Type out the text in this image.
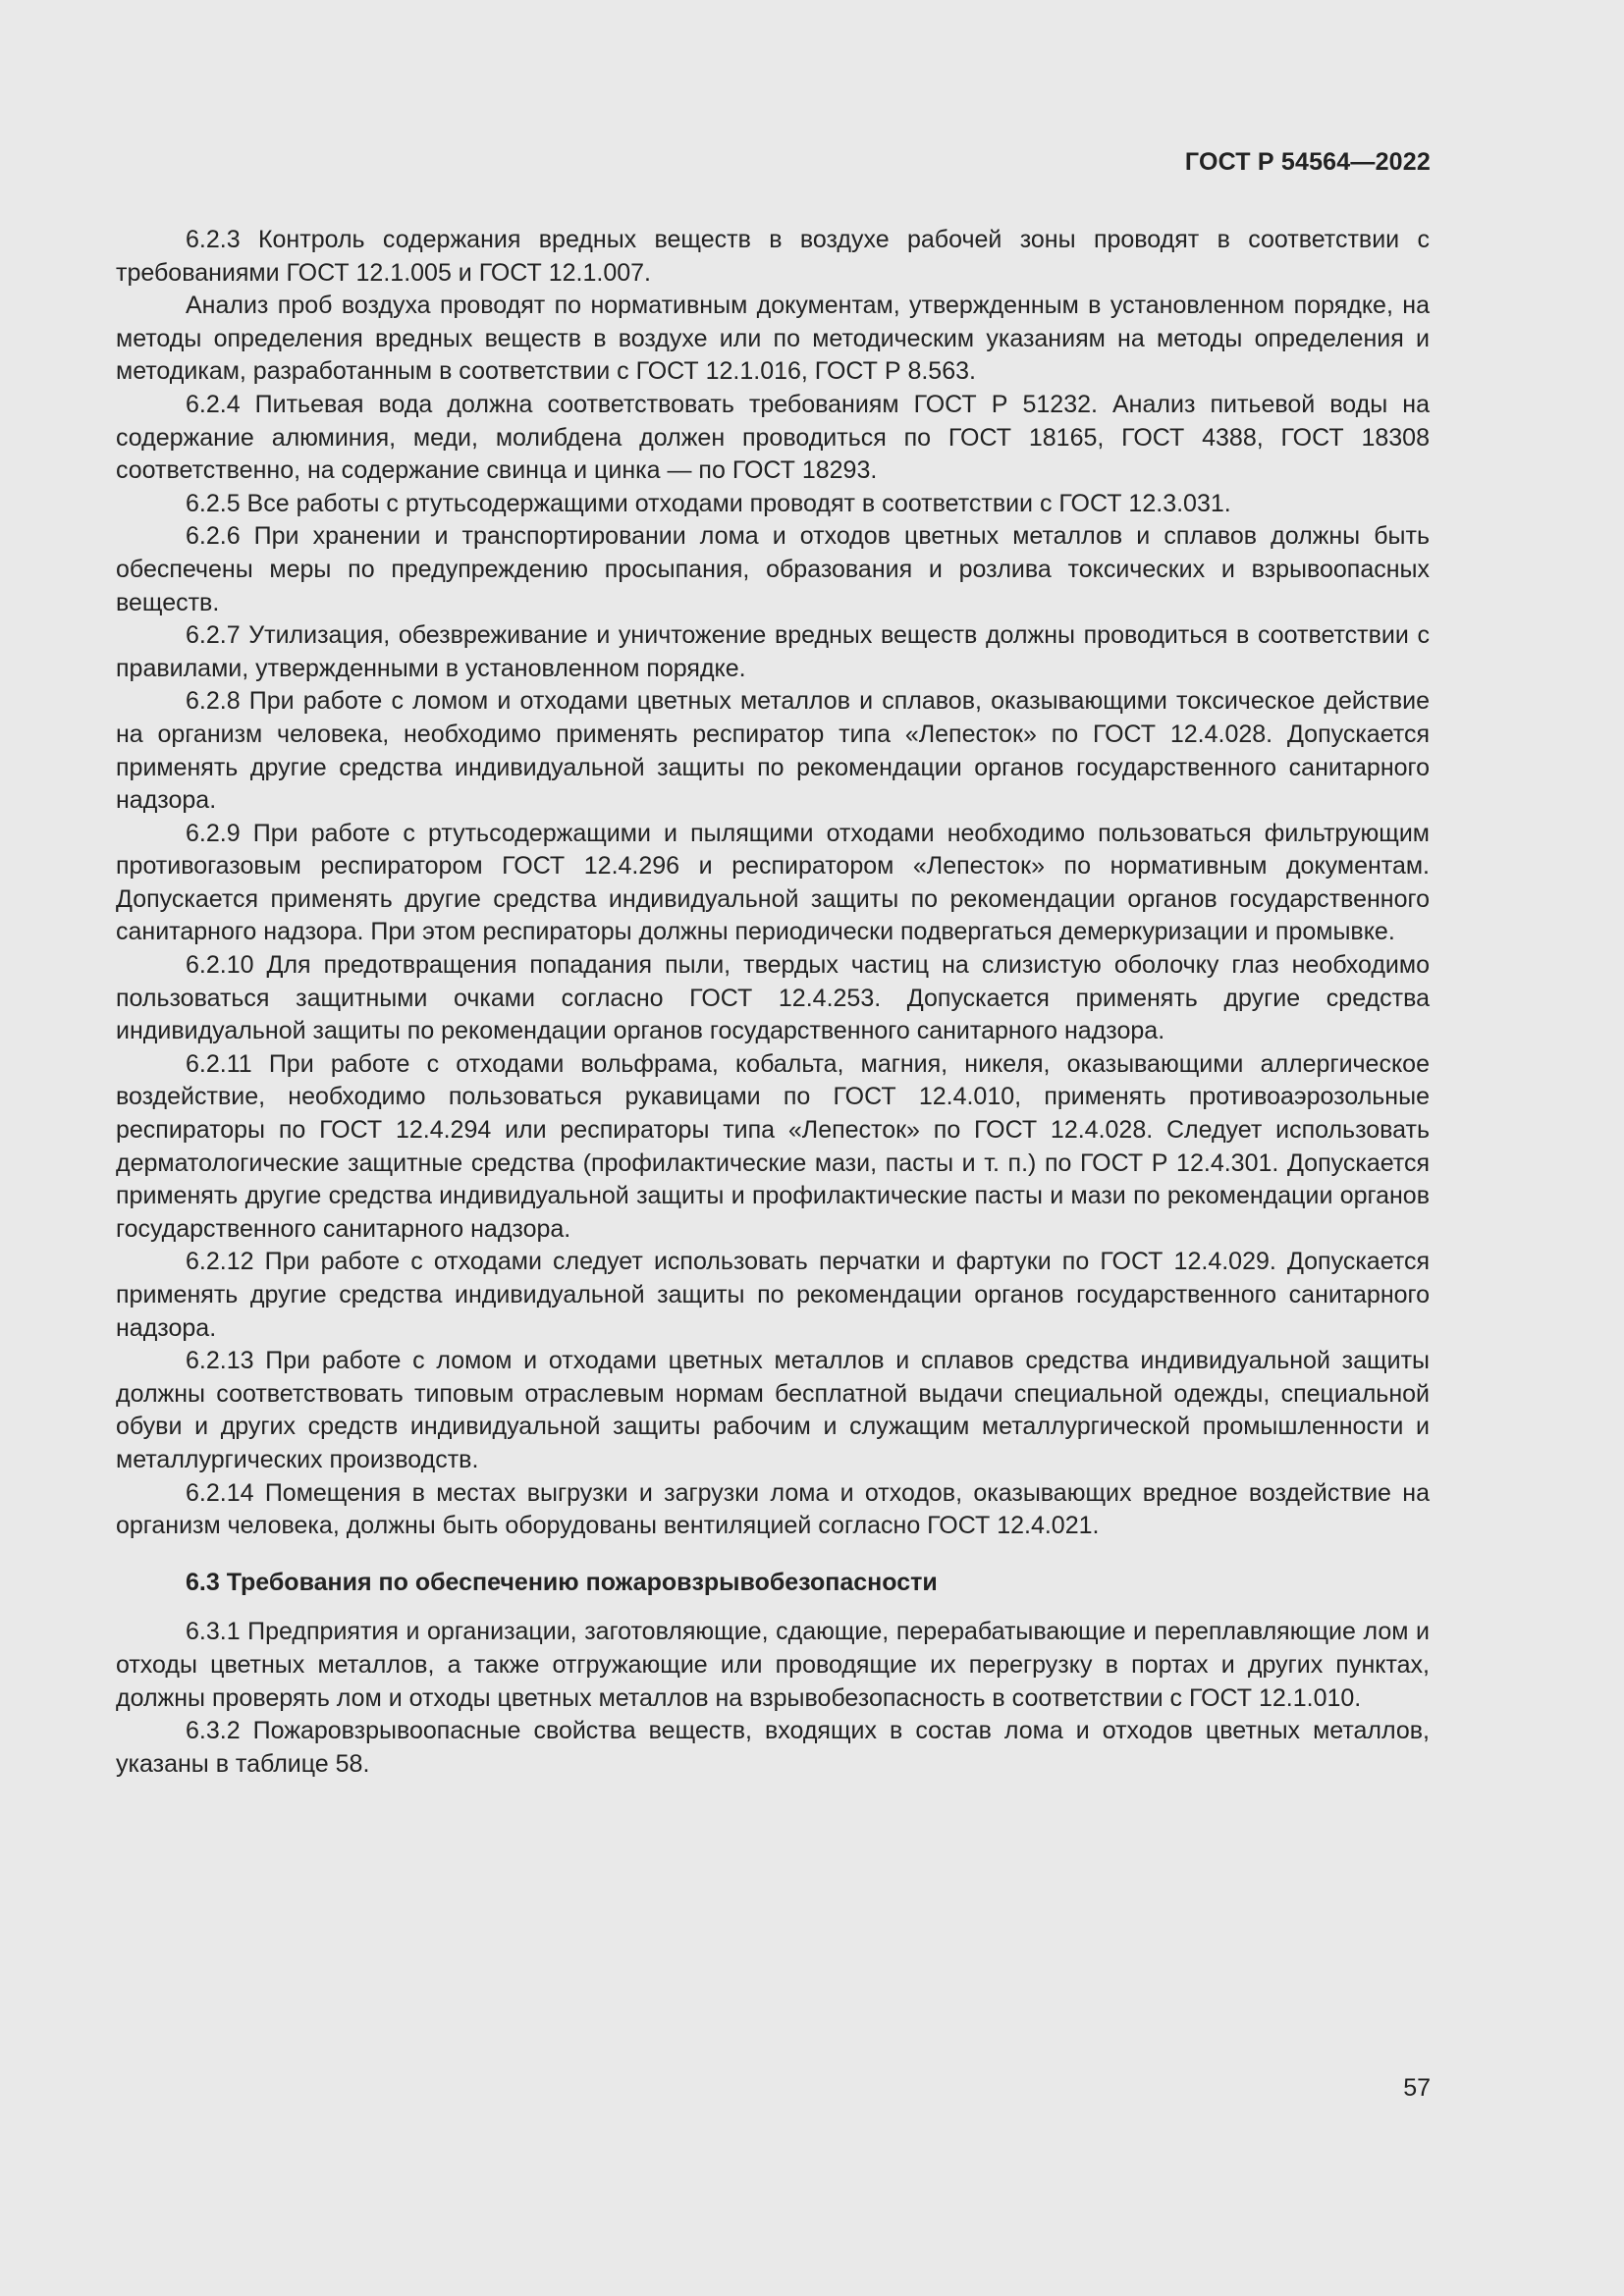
ГОСТ Р 54564—2022

6.2.3 Контроль содержания вредных веществ в воздухе рабочей зоны проводят в соответствии с требованиями ГОСТ 12.1.005 и ГОСТ 12.1.007.

Анализ проб воздуха проводят по нормативным документам, утвержденным в установленном порядке, на методы определения вредных веществ в воздухе или по методическим указаниям на методы определения и методикам, разработанным в соответствии с ГОСТ 12.1.016, ГОСТ Р 8.563.

6.2.4 Питьевая вода должна соответствовать требованиям ГОСТ Р 51232. Анализ питьевой воды на содержание алюминия, меди, молибдена должен проводиться по ГОСТ 18165, ГОСТ 4388, ГОСТ 18308 соответственно, на содержание свинца и цинка — по ГОСТ 18293.

6.2.5 Все работы с ртутьсодержащими отходами проводят в соответствии с ГОСТ 12.3.031.

6.2.6 При хранении и транспортировании лома и отходов цветных металлов и сплавов должны быть обеспечены меры по предупреждению просыпания, образования и розлива токсических и взрывоопасных веществ.

6.2.7 Утилизация, обезвреживание и уничтожение вредных веществ должны проводиться в соответствии с правилами, утвержденными в установленном порядке.

6.2.8 При работе с ломом и отходами цветных металлов и сплавов, оказывающими токсическое действие на организм человека, необходимо применять респиратор типа «Лепесток» по ГОСТ 12.4.028. Допускается применять другие средства индивидуальной защиты по рекомендации органов государственного санитарного надзора.

6.2.9 При работе с ртутьсодержащими и пылящими отходами необходимо пользоваться фильтрующим противогазовым респиратором ГОСТ 12.4.296 и респиратором «Лепесток» по нормативным документам. Допускается применять другие средства индивидуальной защиты по рекомендации органов государственного санитарного надзора. При этом респираторы должны периодически подвергаться демеркуризации и промывке.

6.2.10 Для предотвращения попадания пыли, твердых частиц на слизистую оболочку глаз необходимо пользоваться защитными очками согласно ГОСТ 12.4.253. Допускается применять другие средства индивидуальной защиты по рекомендации органов государственного санитарного надзора.

6.2.11 При работе с отходами вольфрама, кобальта, магния, никеля, оказывающими аллергическое воздействие, необходимо пользоваться рукавицами по ГОСТ 12.4.010, применять противоаэрозольные респираторы по ГОСТ 12.4.294 или респираторы типа «Лепесток» по ГОСТ 12.4.028. Следует использовать дерматологические защитные средства (профилактические мази, пасты и т. п.) по ГОСТ Р 12.4.301. Допускается применять другие средства индивидуальной защиты и профилактические пасты и мази по рекомендации органов государственного санитарного надзора.

6.2.12 При работе с отходами следует использовать перчатки и фартуки по ГОСТ 12.4.029. Допускается применять другие средства индивидуальной защиты по рекомендации органов государственного санитарного надзора.

6.2.13 При работе с ломом и отходами цветных металлов и сплавов средства индивидуальной защиты должны соответствовать типовым отраслевым нормам бесплатной выдачи специальной одежды, специальной обуви и других средств индивидуальной защиты рабочим и служащим металлургической промышленности и металлургических производств.

6.2.14 Помещения в местах выгрузки и загрузки лома и отходов, оказывающих вредное воздействие на организм человека, должны быть оборудованы вентиляцией согласно ГОСТ 12.4.021.

6.3 Требования по обеспечению пожаровзрывобезопасности

6.3.1 Предприятия и организации, заготовляющие, сдающие, перерабатывающие и переплавляющие лом и отходы цветных металлов, а также отгружающие или проводящие их перегрузку в портах и других пунктах, должны проверять лом и отходы цветных металлов на взрывобезопасность в соответствии с ГОСТ 12.1.010.

6.3.2 Пожаровзрывоопасные свойства веществ, входящих в состав лома и отходов цветных металлов, указаны в таблице 58.

57
